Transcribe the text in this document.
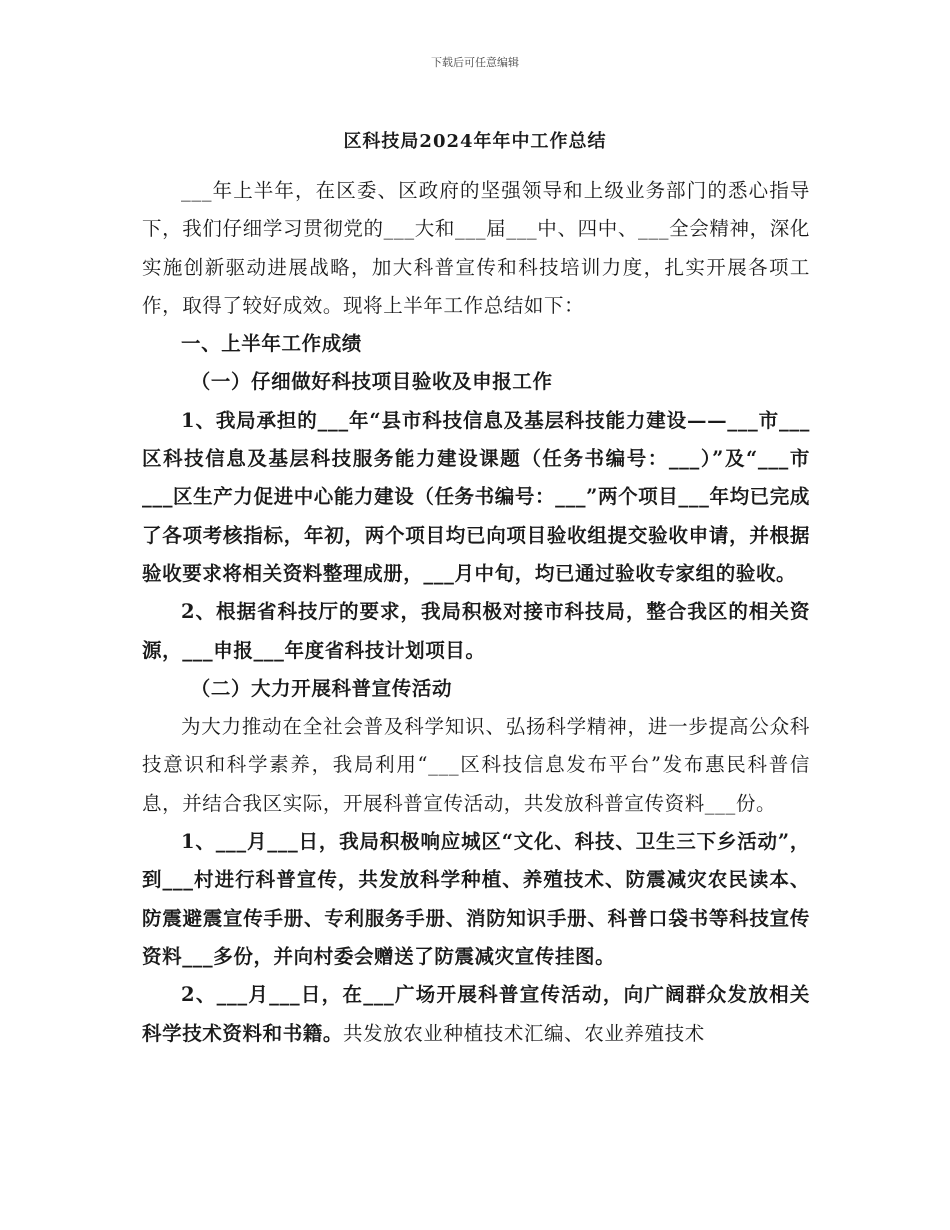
下载后可任意编辑
区科技局2024年年中工作总结

___年上半年，在区委、区政府的坚强领导和上级业务部门的悉心指导下，我们仔细学习贯彻党的___大和___届___中、四中、___全会精神，深化实施创新驱动进展战略，加大科普宣传和科技培训力度，扎实开展各项工作，取得了较好成效。现将上半年工作总结如下：

一、上半年工作成绩

（一）仔细做好科技项目验收及申报工作

1、我局承担的___年“县市科技信息及基层科技能力建设——___市___区科技信息及基层科技服务能力建设课题（任务书编号：___）”及“___市___区生产力促进中心能力建设（任务书编号：___”两个项目___年均已完成了各项考核指标，年初，两个项目均已向项目验收组提交验收申请，并根据验收要求将相关资料整理成册，___月中旬，均已通过验收专家组的验收。

2、根据省科技厅的要求，我局积极对接市科技局，整合我区的相关资源，___申报___年度省科技计划项目。

（二）大力开展科普宣传活动

为大力推动在全社会普及科学知识、弘扬科学精神，进一步提高公众科技意识和科学素养，我局利用“___区科技信息发布平台”发布惠民科普信息，并结合我区实际，开展科普宣传活动，共发放科普宣传资料___份。

1、___月___日，我局积极响应城区“文化、科技、卫生三下乡活动”，到___村进行科普宣传，共发放科学种植、养殖技术、防震减灾农民读本、防震避震宣传手册、专利服务手册、消防知识手册、科普口袋书等科技宣传资料___多份，并向村委会赠送了防震减灾宣传挂图。

2、___月___日，在___广场开展科普宣传活动，向广阔群众发放相关科学技术资料和书籍。共发放农业种植技术汇编、农业养殖技术
